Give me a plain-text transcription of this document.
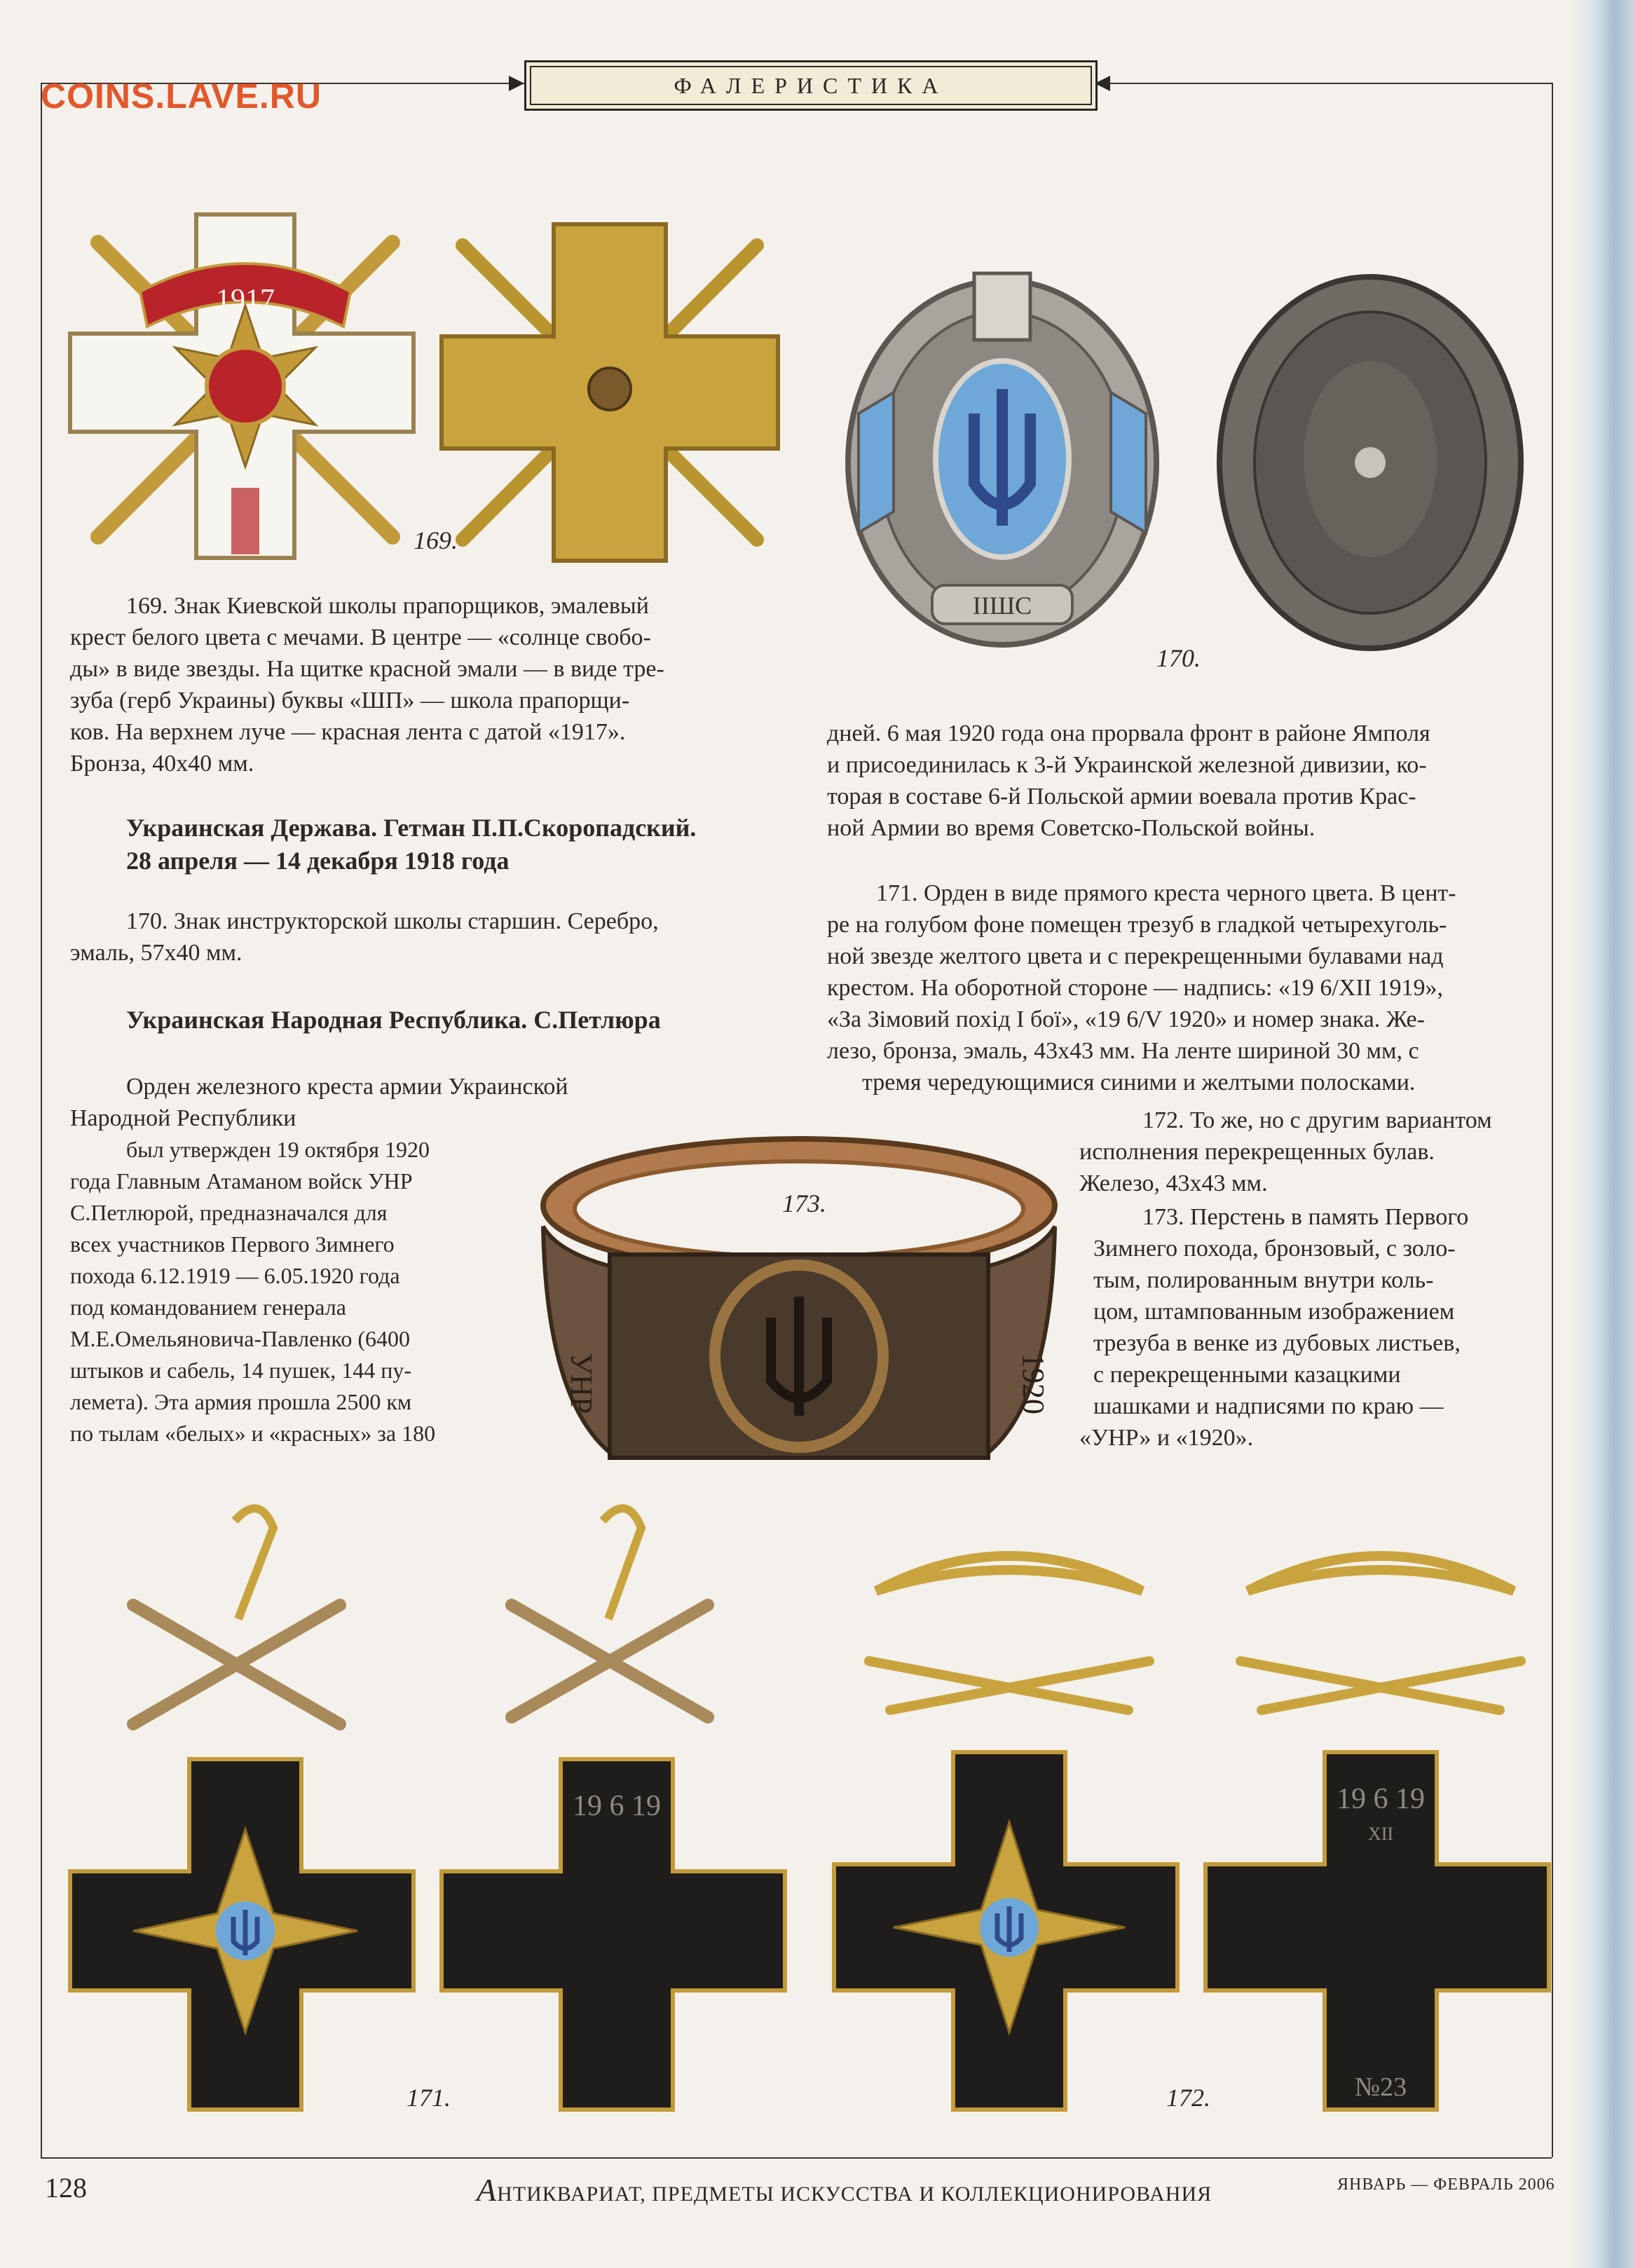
ФАЛЕРИСТИКА
COINS.LAVE.RU
1917
169.
ІІШС
170.
169. Знак Киевской школы прапорщиков, эмалевый
крест белого цвета с мечами. В центре — «солнце свобо-
ды» в виде звезды. На щитке красной эмали — в виде тре-
зуба (герб Украины) буквы «ШП» — школа прапорщи-
ков. На верхнем луче — красная лента с датой «1917».
Бронза, 40х40 мм.
Украинская Держава. Гетман П.П.Скоропадский.
28 апреля — 14 декабря 1918 года
170. Знак инструкторской школы старшин. Серебро,
эмаль, 57х40 мм.
Украинская Народная Республика. С.Петлюра
Орден железного креста армии Украинской
Народной Республики
был утвержден 19 октября 1920
года Главным Атаманом войск УНР
С.Петлюрой, предназначался для
всех участников Первого Зимнего
похода 6.12.1919 — 6.05.1920 года
под командованием генерала
М.Е.Омельяновича-Павленко (6400
штыков и сабель, 14 пушек, 144 пу-
лемета). Эта армия прошла 2500 км
по тылам «белых» и «красных» за 180
дней. 6 мая 1920 года она прорвала фронт в районе Ямполя
и присоединилась к 3-й Украинской железной дивизии, ко-
торая в составе 6-й Польской армии воевала против Крас-
ной Армии во время Советско-Польской войны.
171. Орден в виде прямого креста черного цвета. В цент-
ре на голубом фоне помещен трезуб в гладкой четырехуголь-
ной звезде желтого цвета и с перекрещенными булавами над
крестом. На оборотной стороне — надпись: «19 6/XII 1919»,
«За Зімовий похід І бої», «19 6/V 1920» и номер знака. Же-
лезо, бронза, эмаль, 43х43 мм. На ленте шириной 30 мм, с
тремя чередующимися синими и желтыми полосками.
172. То же, но с другим вариантом
исполнения перекрещенных булав.
Железо, 43х43 мм.
173. Перстень в память Первого
Зимнего похода, бронзовый, с золо-
тым, полированным внутри коль-
цом, штампованным изображением
трезуба в венке из дубовых листьев,
с перекрещенными казацкими
шашками и надписями по краю —
«УНР» и «1920».
УНР	1920
173.
19 6 19
171.
19 6 19
XII
№23
172.
128	АНТИКВАРИАТ, ПРЕДМЕТЫ ИСКУССТВА И КОЛЛЕКЦИОНИРОВАНИЯ	ЯНВАРЬ — ФЕВРАЛЬ 2006
